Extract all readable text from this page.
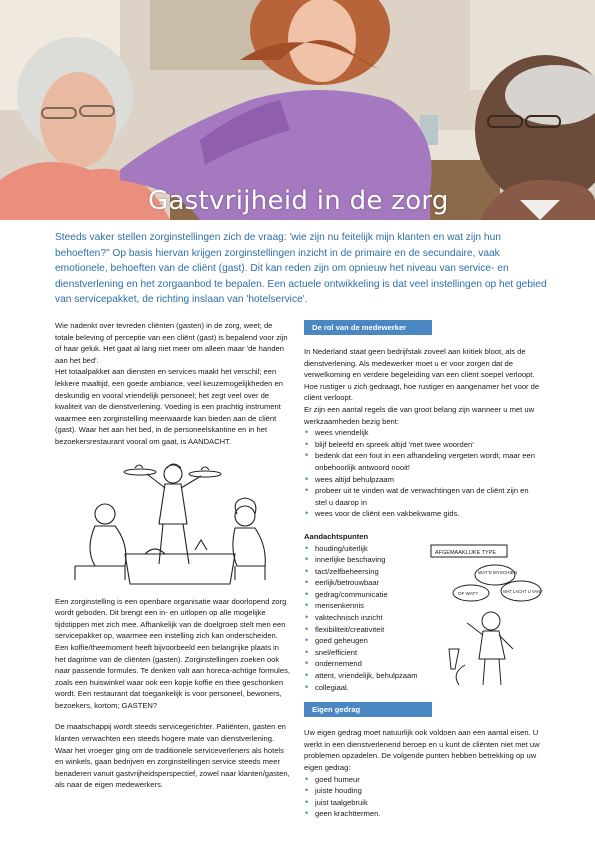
Gastvrijheid in de zorg
Steeds vaker stellen zorginstellingen zich de vraag: 'wie zijn nu feitelijk mijn klanten en wat zijn hun behoeften?" Op basis hiervan krijgen zorginstellingen inzicht in de primaire en de secundaire, vaak emotionele, behoeften van de cliënt (gast). Dit kan reden zijn om opnieuw het niveau van service- en dienstverlening en het zorgaanbod te bepalen. Een actuele ontwikkeling is dat veel instellingen op het gebied van servicepakket, de richting inslaan van 'hotelservice'.

Wie nadenkt over tevreden cliënten (gasten) in de zorg, weet; de totale beleving of perceptie van een cliënt (gast) is bepalend voor zijn of haar geluk. Het gaat al lang niet meer om alleen maar 'de handen aan het bed'.

Het totaalpakket aan diensten en services maakt het verschil; een lekkere maaltijd, een goede ambiance, veel keuzemogelijkheden en deskundig en vooral vriendelijk personeel; het zegt veel over de kwaliteit van de dienstverlening. Voeding is een prachtig instrument waarmee een zorginstelling meerwaarde kan bieden aan de cliënt (gast). Waar het aan het bed, in de personeelskantine en in het bezoekersrestaurant vooral om gaat, is AANDACHT.

Een zorginstelling is een openbare organisatie waar doorlopend zorg wordt geboden. Dit brengt een in- en uitlopen op alle mogelijke tijdstippen met zich mee. Afhankelijk van de doelgroep stelt men een servicepakket op, waarmee een instelling zich kan onderscheiden. Een koffie/theemoment heeft bijvoorbeeld een belangrijke plaats in het dagritme van de cliënten (gasten). Zorginstellingen zoeken ook naar passende formules. Te denken valt aan horeca-achtige formules, zoals een huiswinkel waar ook een kopje koffie en thee geschonken wordt. Een restaurant dat toegankelijk is voor personeel, bewoners, bezoekers, kortom; GASTEN?

De maatschappij wordt steeds servicegerichter. Patiënten, gasten en klanten verwachten een steeds hogere mate van dienstverlening. Waar het vroeger ging om de traditionele serviceverleners als hotels en winkels, gaan bedrijven en zorginstellingen service steeds meer benaderen vanuit gastvrijheidsperspectief, zowel naar klanten/gasten, als naar de eigen medewerkers.

De rol van de medewerker

In Nederland staat geen bedrijfstak zoveel aan kritiek bloot, als de dienstverlening. Als medewerker moet u er voor zorgen dat de verwelkoming en verdere begeleiding van een cliënt soepel verloopt. Hoe rustiger u zich gedraagt, hoe rustiger en aangenamer het voor de cliënt verloopt.

Er zijn een aantal regels die van groot belang zijn wanneer u met uw werkzaamheden bezig bent:

• wees vriendelijk
• blijf beleefd en spreek altijd 'met twee woorden'
• bedenk dat een fout in een afhandeling vergeten wordt, maar een onbehoorlijk antwoord nooit!
• wees altijd behulpzaam
• probeer uit te vinden wat de verwachtingen van de cliënt zijn en stel u daarop in
• wees voor de cliënt een vakbekwame gids.
Aandachtspunten
• houding/uiterlijk
• innerlijke beschaving
• tact/zelfbeheersing
• eerlijk/betrouwbaar
• gedrag/communicatie
• mensenkennis
• vaktechnisch inzicht
• flexibiliteit/creativiteit
• goed geheugen
• snel/efficient
• ondernemend
• attent, vriendelijk, behulpzaam
• collegiaal.
AFGEMAAKLIJKE TYPE
WAT'S MYSCHIEN
OF WAT?	WAT LACHT U VAN?
Eigen gedrag

Uw eigen gedrag moet natuurlijk ook voldoen aan een aantal eisen. U werkt in een dienstverlenend beroep en u kunt de cliënten niet met uw problemen opzadelen. De volgende punten hebben betrekking op uw eigen gedrag:

• goed humeur
• juiste houding
• juist taalgebruik
• geen krachttermen.
